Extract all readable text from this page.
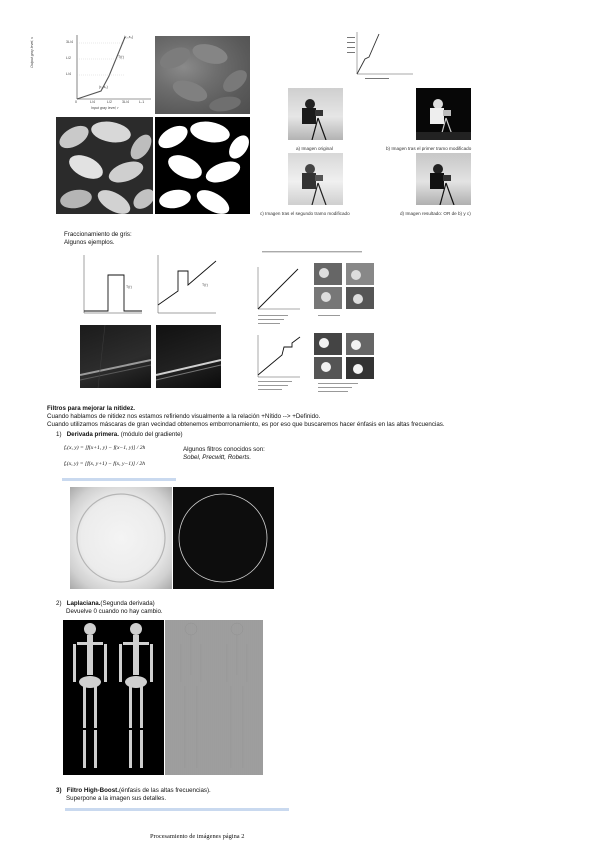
3L/4
L/2
L/4
0	L/4	L/2	3L/4	L-1
Input gray level, r
(r₂,s₂)
T(r)
(r₁,s₁)
Output gray level, s
a) Imagen original	b) Imagen tras el primer tramo modificado
c) Imagen tras el segundo tramo modificado	d) Imagen resultado: OR de b) y c)
Fraccionamiento de gris:
Algunos ejemplos.
T(r)	T(r)
Filtros para mejorar la nitidez.
Cuando hablamos de nitidez nos estamos refiriendo visualmente a la relación +Nítido --> +Definido.
Cuando utilizamos máscaras de gran vecindad obtenemos emborronamiento, es por eso que buscaremos hacer énfasis en las altas frecuencias.
1) Derivada primera. (módulo del gradiente)
fₓ(x, y) = [f(x+1, y) − f(x−1, y)] / 2h
fᵧ(x, y) = [f(x, y+1) − f(x, y−1)] / 2h
Algunos filtros conocidos son:
Sobel, Precwitt, Roberts.
2) Laplaciana.(Segunda derivada)
Devuelve 0 cuando no hay cambio.
3) Filtro High-Boost.(énfasis de las altas frecuencias).
Superpone a la imagen sus detalles.
Procesamiento de imágenes página 2
